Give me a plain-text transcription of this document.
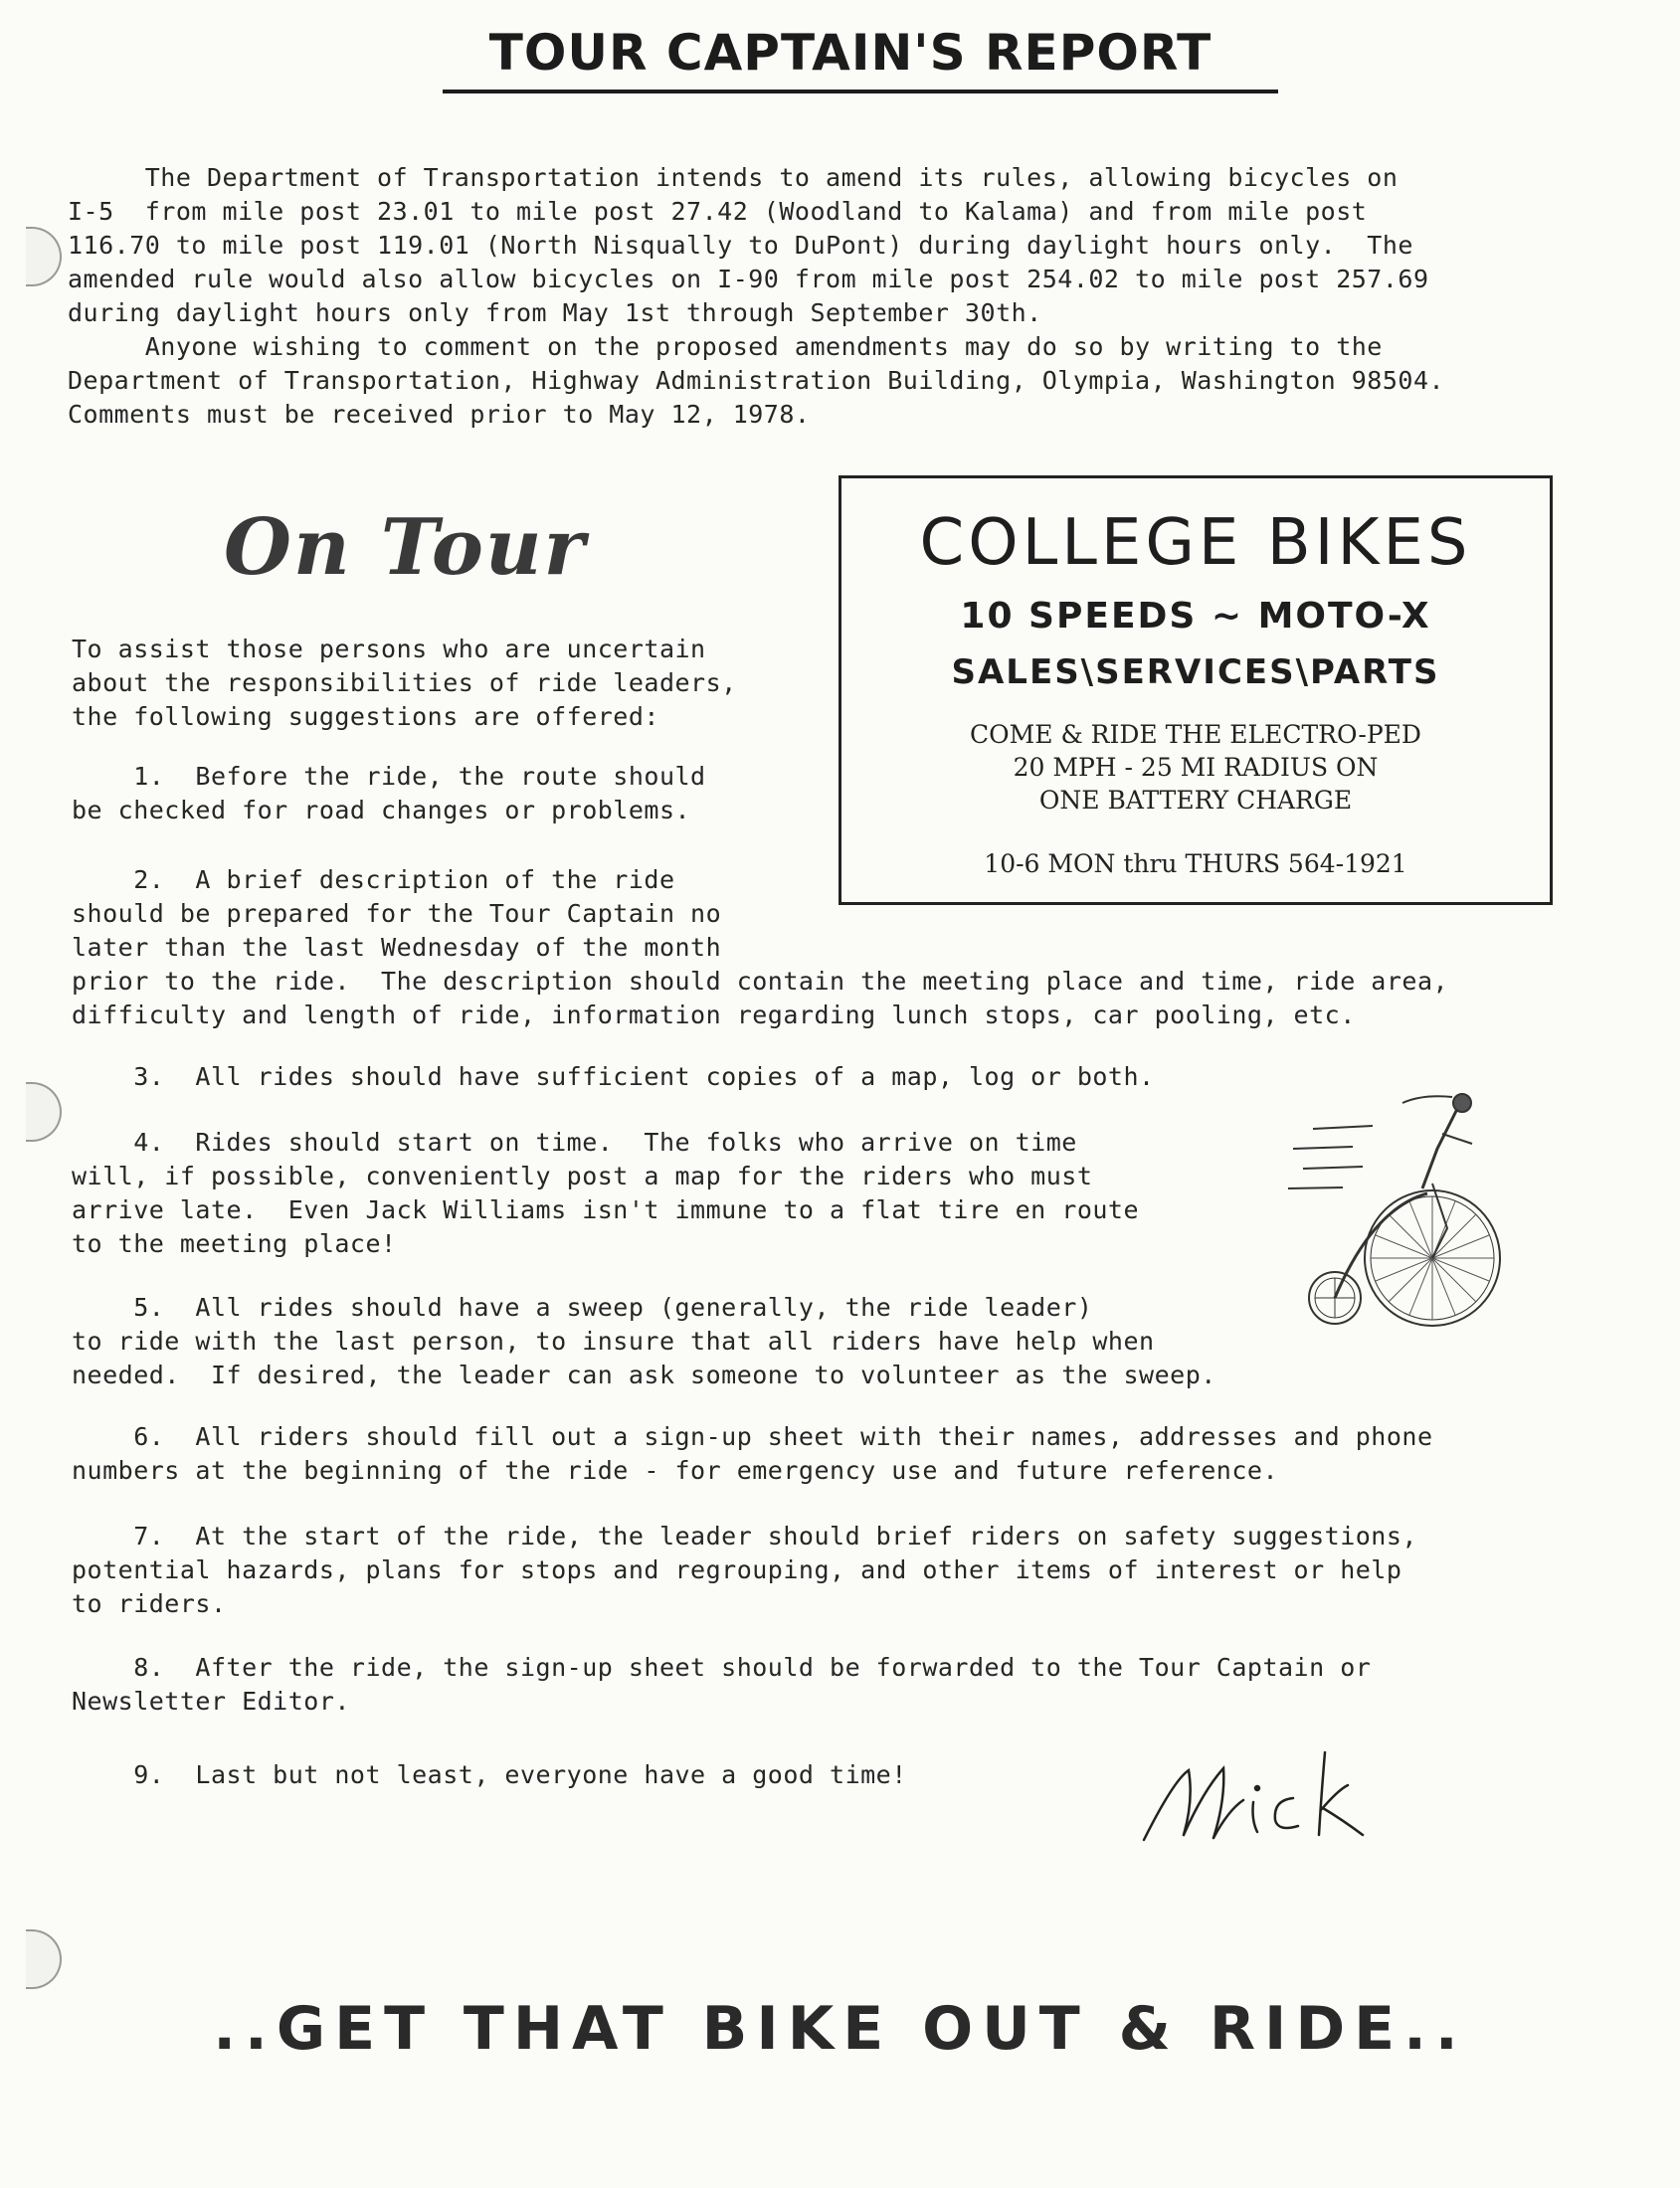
TOUR CAPTAIN'S REPORT

The Department of Transportation intends to amend its rules, allowing bicycles on

I-5  from mile post 23.01 to mile post 27.42 (Woodland to Kalama) and from mile post

116.70 to mile post 119.01 (North Nisqually to DuPont) during daylight hours only.  The

amended rule would also allow bicycles on I-90 from mile post 254.02 to mile post 257.69

during daylight hours only from May 1st through September 30th.

Anyone wishing to comment on the proposed amendments may do so by writing to the

Department of Transportation, Highway Administration Building, Olympia, Washington 98504.

Comments must be received prior to May 12, 1978.

On Tour

To assist those persons who are uncertain

about the responsibilities of ride leaders,

the following suggestions are offered:

1.  Before the ride, the route should

be checked for road changes or problems.

2.  A brief description of the ride

should be prepared for the Tour Captain no

later than the last Wednesday of the month

prior to the ride.  The description should contain the meeting place and time, ride area,

difficulty and length of ride, information regarding lunch stops, car pooling, etc.

3.  All rides should have sufficient copies of a map, log or both.

4.  Rides should start on time.  The folks who arrive on time

will, if possible, conveniently post a map for the riders who must

arrive late.  Even Jack Williams isn't immune to a flat tire en route

to the meeting place!

5.  All rides should have a sweep (generally, the ride leader)

to ride with the last person, to insure that all riders have help when

needed.  If desired, the leader can ask someone to volunteer as the sweep.

6.  All riders should fill out a sign-up sheet with their names, addresses and phone

numbers at the beginning of the ride - for emergency use and future reference.

7.  At the start of the ride, the leader should brief riders on safety suggestions,

potential hazards, plans for stops and regrouping, and other items of interest or help

to riders.

8.  After the ride, the sign-up sheet should be forwarded to the Tour Captain or

Newsletter Editor.

9.  Last but not least, everyone have a good time!

COLLEGE BIKES
10 SPEEDS ~ MOTO-X
SALES\SERVICES\PARTS
COME & RIDE THE ELECTRO-PED
20 MPH - 25 MI RADIUS ON
ONE BATTERY CHARGE
10-6 MON thru THURS 564-1921
..GET THAT BIKE OUT & RIDE..
